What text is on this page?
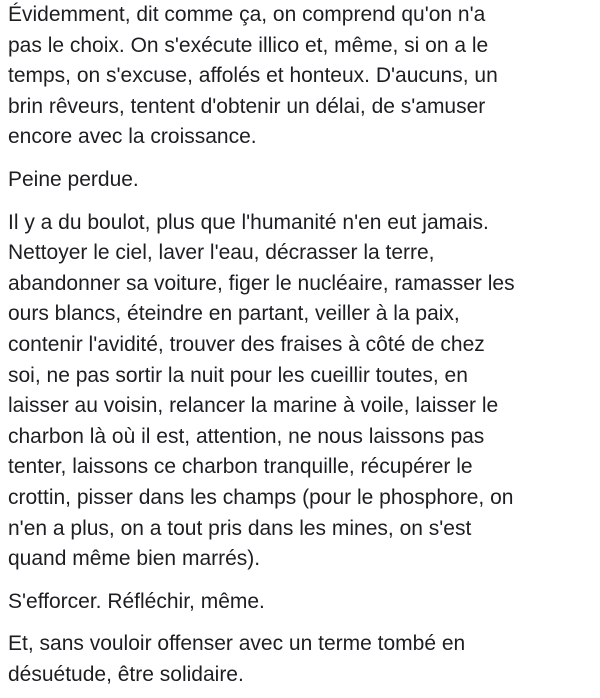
Évidemment, dit comme ça, on comprend qu'on n'a
pas le choix. On s'exécute illico et, même, si on a le
temps, on s'excuse, affolés et honteux. D'aucuns, un
brin rêveurs, tentent d'obtenir un délai, de s'amuser
encore avec la croissance.
Peine perdue.
Il y a du boulot, plus que l'humanité n'en eut jamais.
Nettoyer le ciel, laver l'eau, décrasser la terre,
abandonner sa voiture, figer le nucléaire, ramasser les
ours blancs, éteindre en partant, veiller à la paix,
contenir l'avidité, trouver des fraises à côté de chez
soi, ne pas sortir la nuit pour les cueillir toutes, en
laisser au voisin, relancer la marine à voile, laisser le
charbon là où il est, attention, ne nous laissons pas
tenter, laissons ce charbon tranquille, récupérer le
crottin, pisser dans les champs (pour le phosphore, on
n'en a plus, on a tout pris dans les mines, on s'est
quand même bien marrés).
S'efforcer. Réfléchir, même.
Et, sans vouloir offenser avec un terme tombé en
désuétude, être solidaire.
